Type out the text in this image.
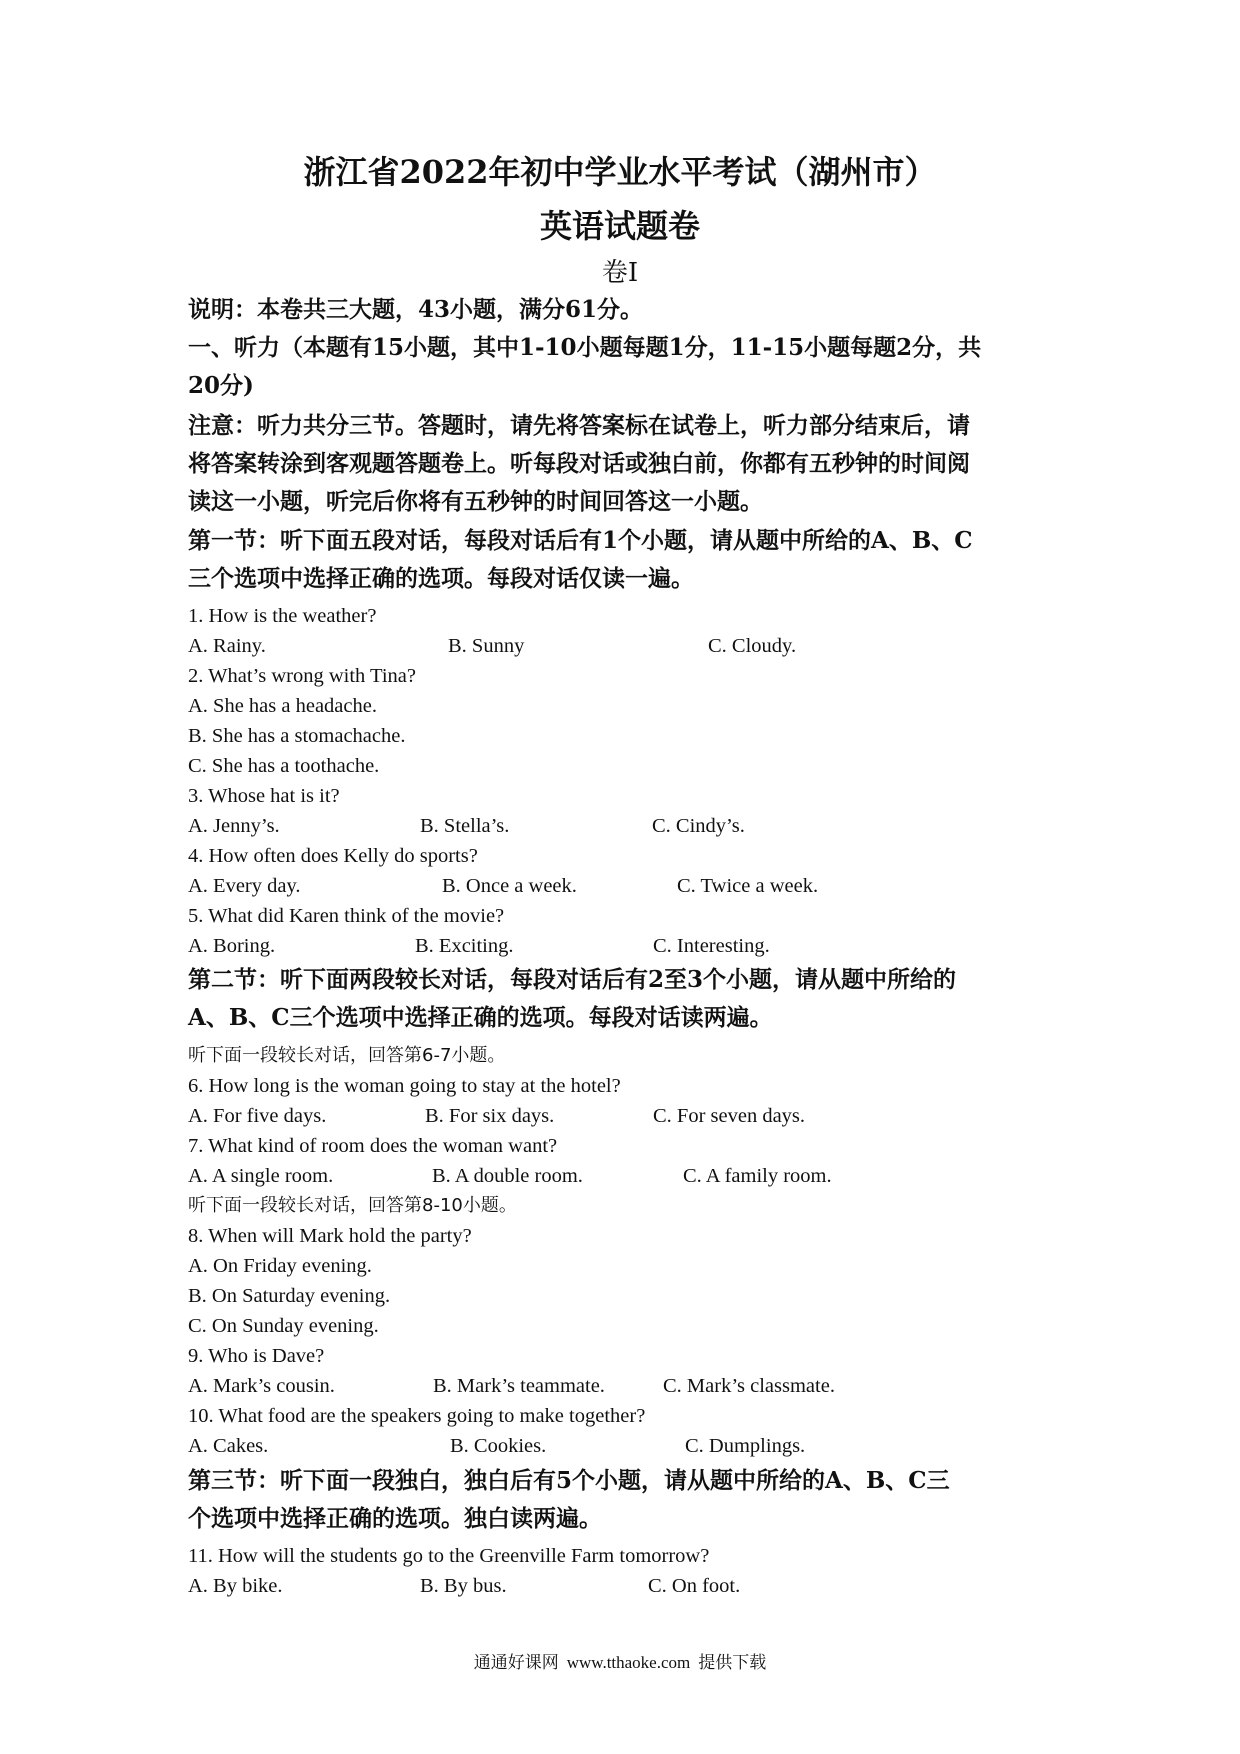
浙江省2022年初中学业水平考试（湖州市）
英语试题卷
卷Ⅰ
说明：本卷共三大题，43小题，满分61分。
一、听力（本题有15小题，其中1-10小题每题1分，11-15小题每题2分，共
20分)
注意：听力共分三节。答题时，请先将答案标在试卷上，听力部分结束后，请
将答案转涂到客观题答题卷上。听每段对话或独白前，你都有五秒钟的时间阅
读这一小题，听完后你将有五秒钟的时间回答这一小题。
第一节：听下面五段对话，每段对话后有1个小题，请从题中所给的A、B、C
三个选项中选择正确的选项。每段对话仅读一遍。
1. How is the weather?
A. Rainy.	B. Sunny	C. Cloudy.
2. What’s wrong with Tina?
A. She has a headache.
B. She has a stomachache.
C. She has a toothache.
3. Whose hat is it?
A. Jenny’s.	B. Stella’s.	C. Cindy’s.
4. How often does Kelly do sports?
A. Every day.	B. Once a week.	C. Twice a week.
5. What did Karen think of the movie?
A. Boring.	B. Exciting.	C. Interesting.
第二节：听下面两段较长对话，每段对话后有2至3个小题，请从题中所给的
A、B、C三个选项中选择正确的选项。每段对话读两遍。
听下面一段较长对话，回答第6-7小题。
6. How long is the woman going to stay at the hotel?
A. For five days.	B. For six days.	C. For seven days.
7. What kind of room does the woman want?
A. A single room.	B. A double room.	C. A family room.
听下面一段较长对话，回答第8-10小题。
8. When will Mark hold the party?
A. On Friday evening.
B. On Saturday evening.
C. On Sunday evening.
9. Who is Dave?
A. Mark’s cousin.	B. Mark’s teammate.	C. Mark’s classmate.
10. What food are the speakers going to make together?
A. Cakes.	B. Cookies.	C. Dumplings.
第三节：听下面一段独白，独白后有5个小题，请从题中所给的A、B、C三
个选项中选择正确的选项。独白读两遍。
11. How will the students go to the Greenville Farm tomorrow?
A. By bike.	B. By bus.	C. On foot.
通通好课网 www.tthaoke.com 提供下载
